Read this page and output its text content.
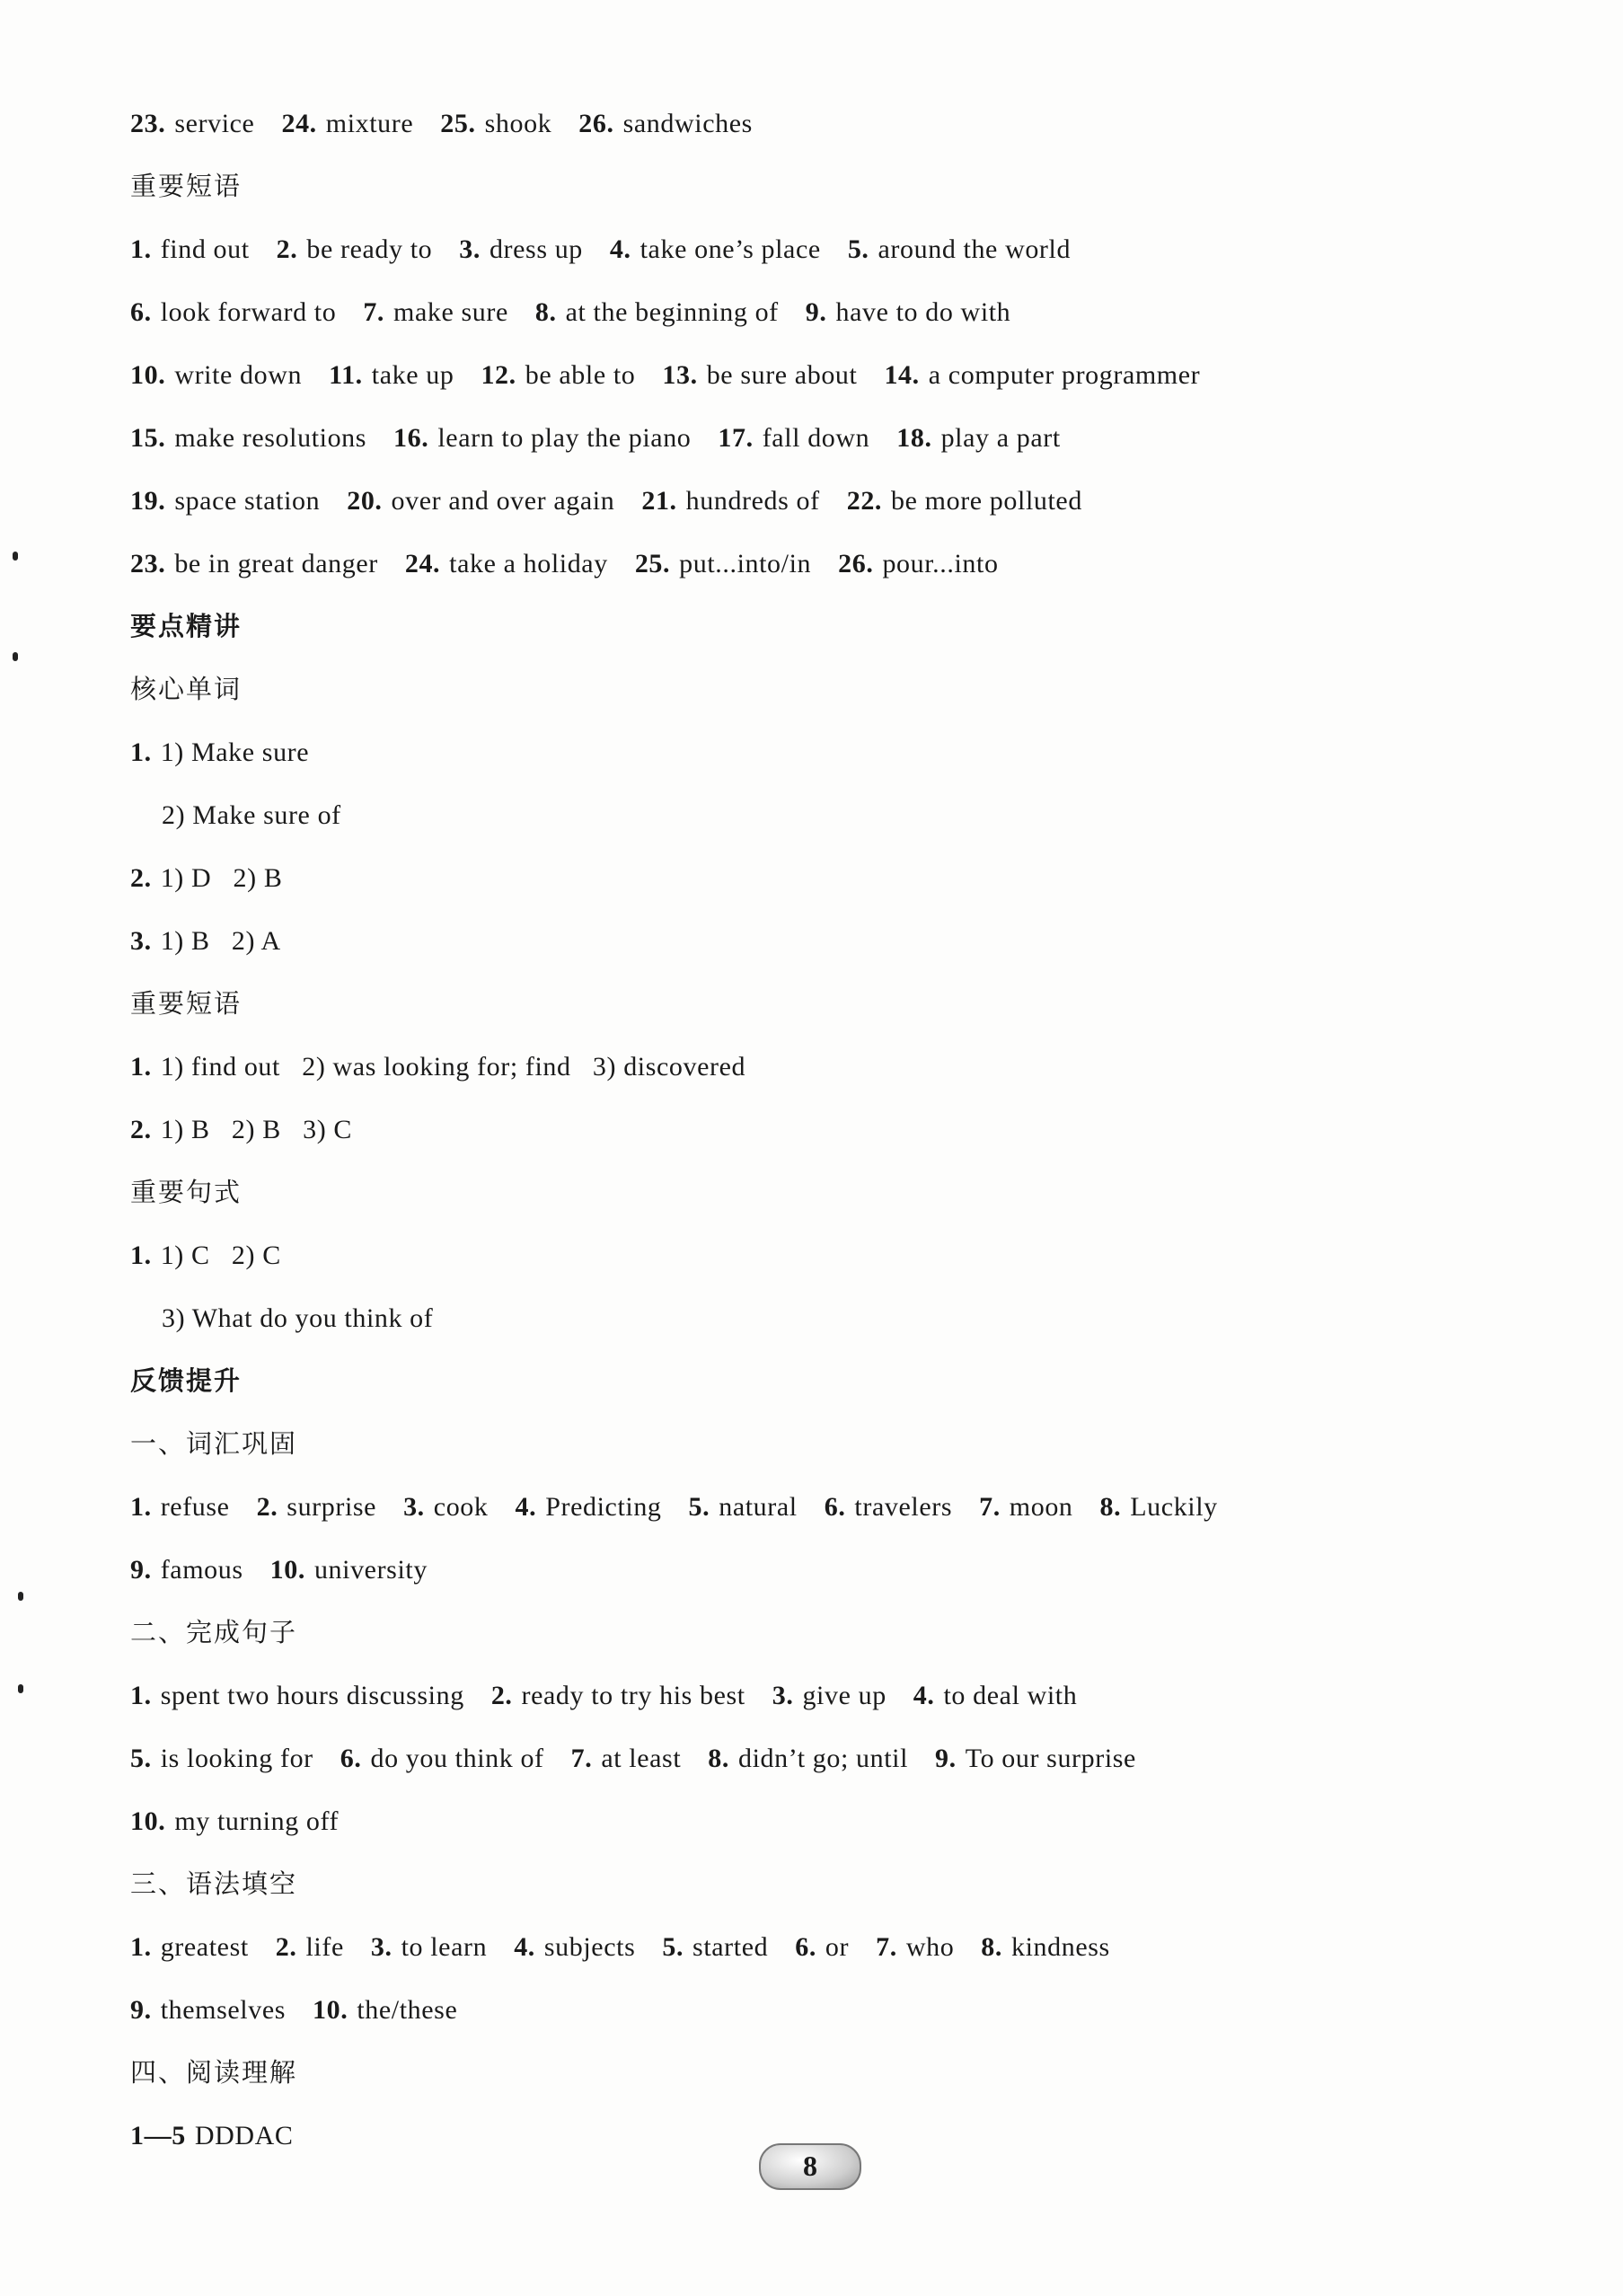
23. service 24. mixture 25. shook 26. sandwiches
重要短语
1. find out 2. be ready to 3. dress up 4. take one’s place 5. around the world
6. look forward to 7. make sure 8. at the beginning of 9. have to do with
10. write down 11. take up 12. be able to 13. be sure about 14. a computer programmer
15. make resolutions 16. learn to play the piano 17. fall down 18. play a part
19. space station 20. over and over again 21. hundreds of 22. be more polluted
23. be in great danger 24. take a holiday 25. put...into/in 26. pour...into
要点精讲
核心单词
1. 1) Make sure
2) Make sure of
2. 1) D   2) B
3. 1) B   2) A
重要短语
1. 1) find out   2) was looking for; find   3) discovered
2. 1) B   2) B   3) C
重要句式
1. 1) C   2) C
3) What do you think of
反馈提升
一、词汇巩固
1. refuse 2. surprise 3. cook 4. Predicting 5. natural 6. travelers 7. moon 8. Luckily
9. famous 10. university
二、完成句子
1. spent two hours discussing 2. ready to try his best 3. give up 4. to deal with
5. is looking for 6. do you think of 7. at least 8. didn’t go; until 9. To our surprise
10. my turning off
三、语法填空
1. greatest 2. life 3. to learn 4. subjects 5. started 6. or 7. who 8. kindness
9. themselves 10. the/these
四、阅读理解
1—5 DDDAC
8
